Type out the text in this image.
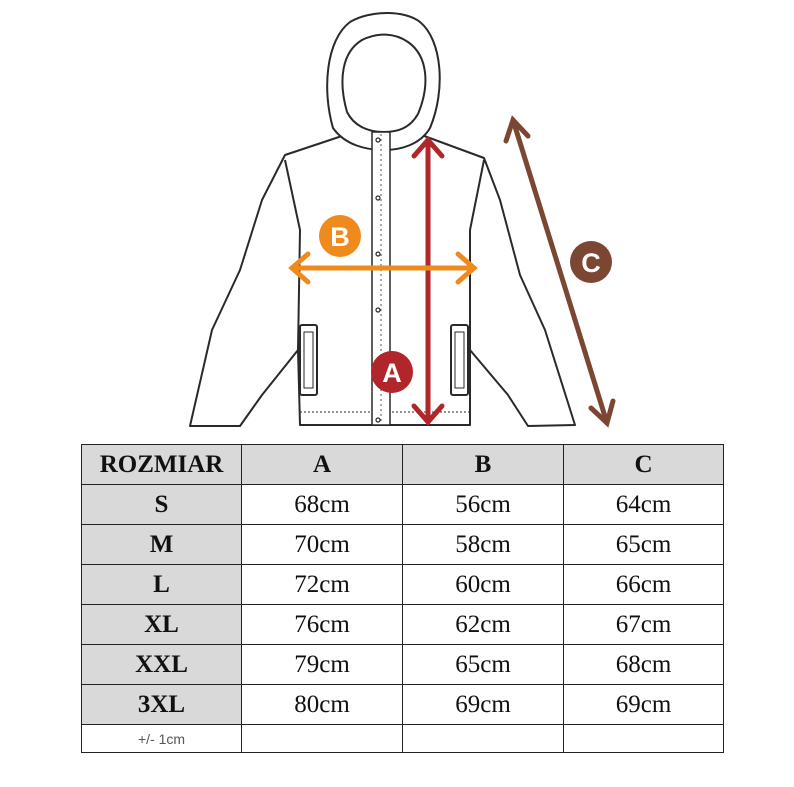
A
B
C
ROZMIAR	A	B	C
S	68cm	56cm	64cm
M	70cm	58cm	65cm
L	72cm	60cm	66cm
XL	76cm	62cm	67cm
XXL	79cm	65cm	68cm
3XL	80cm	69cm	69cm
+/- 1cm			
